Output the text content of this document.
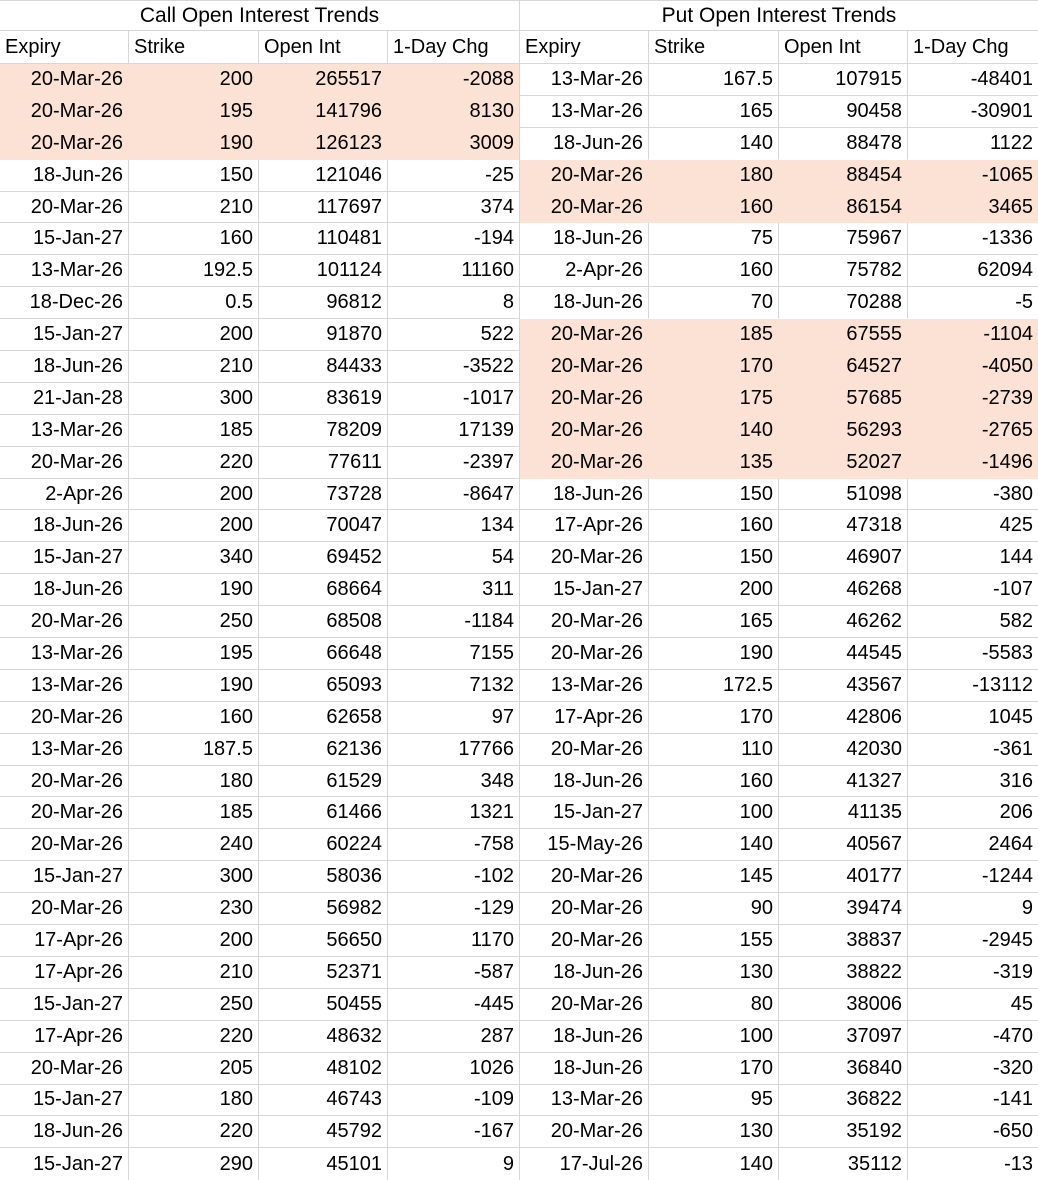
Call Open Interest Trends
Expiry	Strike	Open Int	1-Day Chg
20-Mar-26	200	265517	-2088
20-Mar-26	195	141796	8130
20-Mar-26	190	126123	3009
18-Jun-26	150	121046	-25
20-Mar-26	210	117697	374
15-Jan-27	160	110481	-194
13-Mar-26	192.5	101124	11160
18-Dec-26	0.5	96812	8
15-Jan-27	200	91870	522
18-Jun-26	210	84433	-3522
21-Jan-28	300	83619	-1017
13-Mar-26	185	78209	17139
20-Mar-26	220	77611	-2397
2-Apr-26	200	73728	-8647
18-Jun-26	200	70047	134
15-Jan-27	340	69452	54
18-Jun-26	190	68664	311
20-Mar-26	250	68508	-1184
13-Mar-26	195	66648	7155
13-Mar-26	190	65093	7132
20-Mar-26	160	62658	97
13-Mar-26	187.5	62136	17766
20-Mar-26	180	61529	348
20-Mar-26	185	61466	1321
20-Mar-26	240	60224	-758
15-Jan-27	300	58036	-102
20-Mar-26	230	56982	-129
17-Apr-26	200	56650	1170
17-Apr-26	210	52371	-587
15-Jan-27	250	50455	-445
17-Apr-26	220	48632	287
20-Mar-26	205	48102	1026
15-Jan-27	180	46743	-109
18-Jun-26	220	45792	-167
15-Jan-27	290	45101	9
Put Open Interest Trends
Expiry	Strike	Open Int	1-Day Chg
13-Mar-26	167.5	107915	-48401
13-Mar-26	165	90458	-30901
18-Jun-26	140	88478	1122
20-Mar-26	180	88454	-1065
20-Mar-26	160	86154	3465
18-Jun-26	75	75967	-1336
2-Apr-26	160	75782	62094
18-Jun-26	70	70288	-5
20-Mar-26	185	67555	-1104
20-Mar-26	170	64527	-4050
20-Mar-26	175	57685	-2739
20-Mar-26	140	56293	-2765
20-Mar-26	135	52027	-1496
18-Jun-26	150	51098	-380
17-Apr-26	160	47318	425
20-Mar-26	150	46907	144
15-Jan-27	200	46268	-107
20-Mar-26	165	46262	582
20-Mar-26	190	44545	-5583
13-Mar-26	172.5	43567	-13112
17-Apr-26	170	42806	1045
20-Mar-26	110	42030	-361
18-Jun-26	160	41327	316
15-Jan-27	100	41135	206
15-May-26	140	40567	2464
20-Mar-26	145	40177	-1244
20-Mar-26	90	39474	9
20-Mar-26	155	38837	-2945
18-Jun-26	130	38822	-319
20-Mar-26	80	38006	45
18-Jun-26	100	37097	-470
18-Jun-26	170	36840	-320
13-Mar-26	95	36822	-141
20-Mar-26	130	35192	-650
17-Jul-26	140	35112	-13
